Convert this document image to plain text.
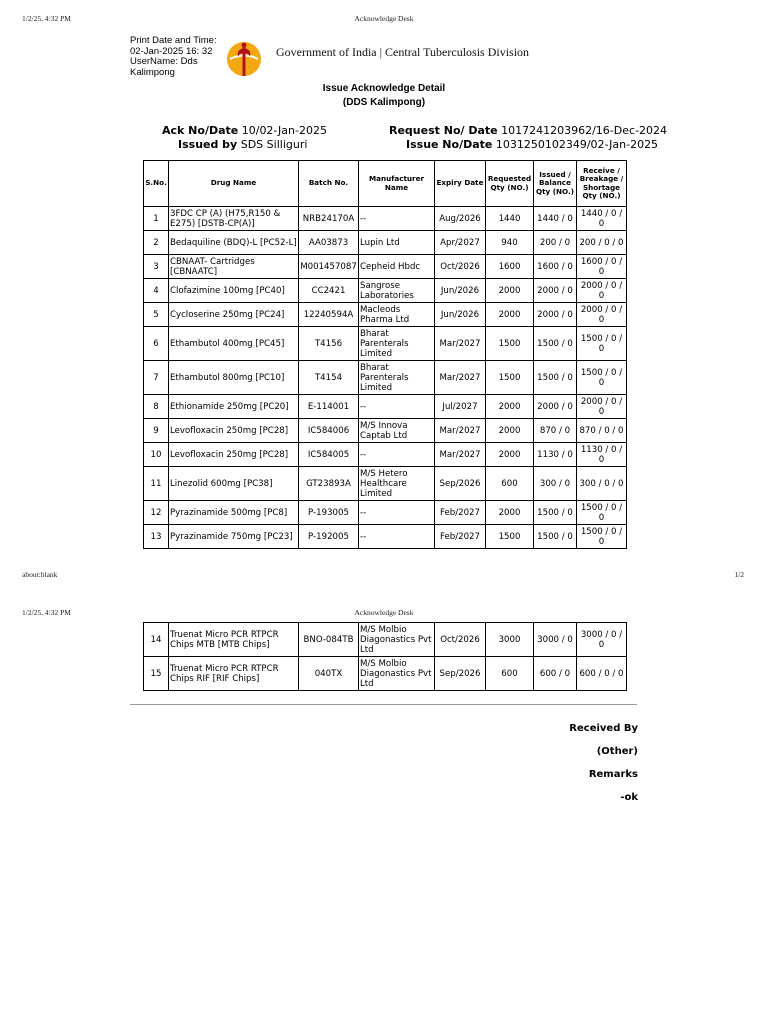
1/2/25, 4:32 PM	Acknowledge Desk
about:blank	1/2
1/2/25, 4:32 PM	Acknowledge Desk
Print Date and Time:
02-Jan-2025 16: 32
UserName: Dds
Kalimpong
Government of India | Central Tuberculosis Division
Issue Acknowledge Detail
(DDS Kalimpong)
Ack No/Date 10/02-Jan-2025
Issued by SDS Silliguri
Request No/ Date 1017241203962/16-Dec-2024
Issue No/Date 1031250102349/02-Jan-2025
S.No.	Drug Name	Batch No.	Manufacturer Name	Expiry Date	Requested Qty (NO.)	Issued / Balance Qty (NO.)	Receive / Breakage / Shortage Qty (NO.)
1	3FDC CP (A) (H75,R150 & E275) [DSTB-CP(A)]	NRB24170A	--	Aug/2026	1440	1440 / 0	1440 / 0 / 0
2	Bedaquiline (BDQ)-L [PC52-L]	AA03873	Lupin Ltd	Apr/2027	940	200 / 0	200 / 0 / 0
3	CBNAAT- Cartridges [CBNAATC]	M001457087	Cepheid Hbdc	Oct/2026	1600	1600 / 0	1600 / 0 / 0
4	Clofazimine 100mg [PC40]	CC2421	Sangrose Laboratories	Jun/2026	2000	2000 / 0	2000 / 0 / 0
5	Cycloserine 250mg [PC24]	12240594A	Macleods Pharma Ltd	Jun/2026	2000	2000 / 0	2000 / 0 / 0
6	Ethambutol 400mg [PC45]	T4156	Bharat Parenterals Limited	Mar/2027	1500	1500 / 0	1500 / 0 / 0
7	Ethambutol 800mg [PC10]	T4154	Bharat Parenterals Limited	Mar/2027	1500	1500 / 0	1500 / 0 / 0
8	Ethionamide 250mg [PC20]	E-114001	--	Jul/2027	2000	2000 / 0	2000 / 0 / 0
9	Levofloxacin 250mg [PC28]	IC584006	M/S Innova Captab Ltd	Mar/2027	2000	870 / 0	870 / 0 / 0
10	Levofloxacin 250mg [PC28]	IC584005	--	Mar/2027	2000	1130 / 0	1130 / 0 / 0
11	Linezolid 600mg [PC38]	GT23893A	M/S Hetero Healthcare Limited	Sep/2026	600	300 / 0	300 / 0 / 0
12	Pyrazinamide 500mg [PC8]	P-193005	--	Feb/2027	2000	1500 / 0	1500 / 0 / 0
13	Pyrazinamide 750mg [PC23]	P-192005	--	Feb/2027	1500	1500 / 0	1500 / 0 / 0
14	Truenat Micro PCR RTPCR Chips MTB [MTB Chips]	BNO-084TB	M/S Molbio Diagonastics Pvt Ltd	Oct/2026	3000	3000 / 0	3000 / 0 / 0
15	Truenat Micro PCR RTPCR Chips RIF [RIF Chips]	040TX	M/S Molbio Diagonastics Pvt Ltd	Sep/2026	600	600 / 0	600 / 0 / 0
Received By
(Other)
Remarks
-ok
